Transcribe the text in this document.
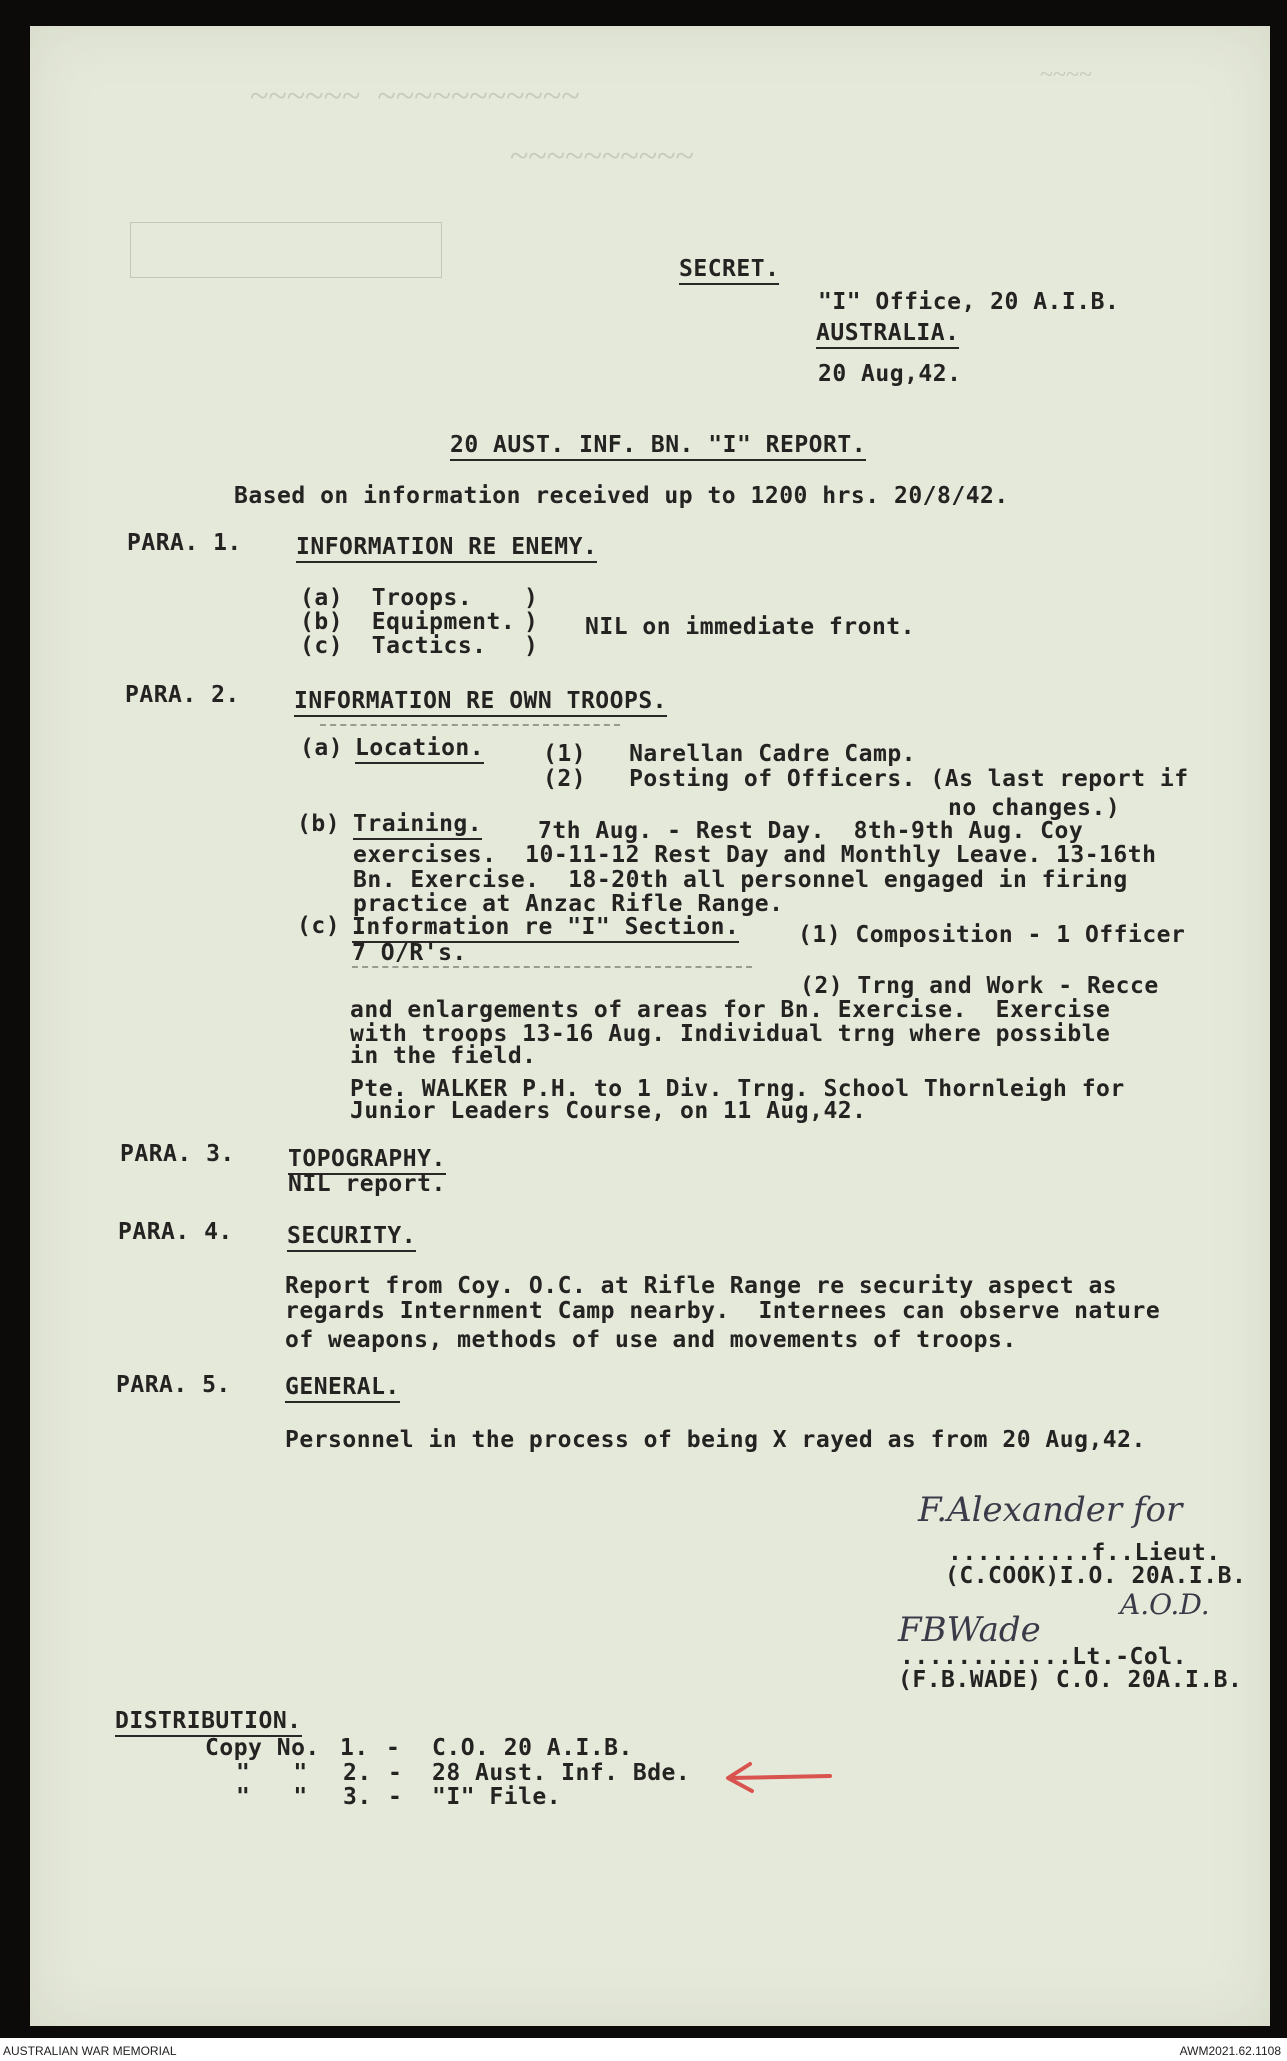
~~~~~~  ~~~~~~~~~~~
~~~~~~~~~~
~~~~
SECRET.
"I" Office, 20 A.I.B.
AUSTRALIA.
20 Aug,42.
20 AUST. INF. BN. "I" REPORT.
Based on information received up to 1200 hrs. 20/8/42.
PARA. 1. INFORMATION RE ENEMY.
(a)  Troops.
(b)  Equipment.
(c)  Tactics.
)
)
)
NIL on immediate front.
PARA. 2. INFORMATION RE OWN TROOPS.
(a) Location.	(1)   Narellan Cadre Camp.
(2)   Posting of Officers. (As last report if
no changes.)
(b) Training. 7th Aug. - Rest Day.  8th-9th Aug. Coy
exercises.  10-11-12 Rest Day and Monthly Leave. 13-16th
Bn. Exercise.  18-20th all personnel engaged in firing
practice at Anzac Rifle Range.
(c) Information re "I" Section.	(1) Composition - 1 Officer
7 O/R's.
(2) Trng and Work - Recce
and enlargements of areas for Bn. Exercise.  Exercise
with troops 13-16 Aug. Individual trng where possible
in the field.
Pte. WALKER P.H. to 1 Div. Trng. School Thornleigh for
Junior Leaders Course, on 11 Aug,42.
PARA. 3. TOPOGRAPHY.
NIL report.
PARA. 4. SECURITY.
Report from Coy. O.C. at Rifle Range re security aspect as
regards Internment Camp nearby.  Internees can observe nature
of weapons, methods of use and movements of troops.
PARA. 5. GENERAL.
Personnel in the process of being X rayed as from 20 Aug,42.
F.Alexander for
..........f..Lieut.
(C.COOK)I.O. 20A.I.B.
A.O.D.
FBWade
............Lt.-Col.
(F.B.WADE) C.O. 20A.I.B.
DISTRIBUTION.
Copy No. 1. - C.O. 20 A.I.B.
"   " 2. - 28 Aust. Inf. Bde.
"   " 3. - "I" File.
AUSTRALIAN WAR MEMORIAL	AWM2021.62.1108
